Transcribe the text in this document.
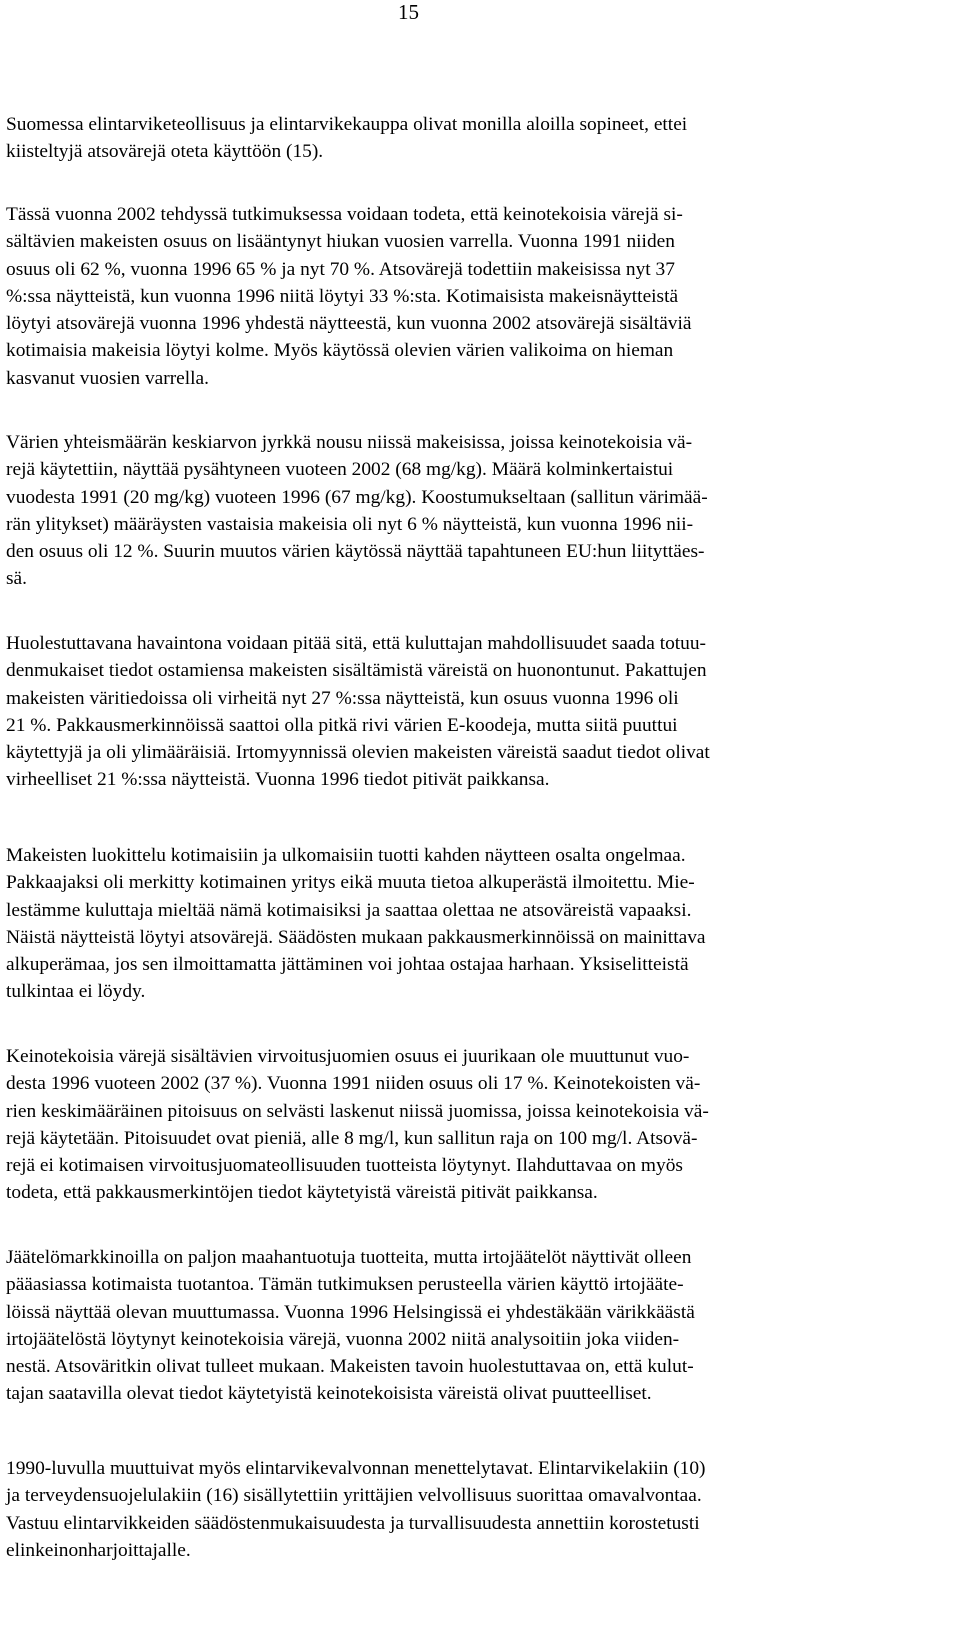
15

Suomessa elintarviketeollisuus ja elintarvikekauppa olivat monilla aloilla sopineet, ettei
kiisteltyjä atsovärejä oteta käyttöön (15).

Tässä vuonna 2002 tehdyssä tutkimuksessa voidaan todeta, että keinotekoisia värejä si-
sältävien makeisten osuus on lisääntynyt hiukan vuosien varrella. Vuonna 1991 niiden
osuus oli 62 %, vuonna 1996 65 % ja nyt 70 %. Atsovärejä todettiin makeisissa nyt 37
%:ssa näytteistä, kun vuonna 1996 niitä löytyi 33 %:sta. Kotimaisista makeisnäytteistä
löytyi atsovärejä vuonna 1996 yhdestä näytteestä, kun vuonna 2002 atsovärejä sisältäviä
kotimaisia makeisia löytyi kolme. Myös käytössä olevien värien valikoima on hieman
kasvanut vuosien varrella.

Värien yhteismäärän keskiarvon jyrkkä nousu niissä makeisissa, joissa keinotekoisia vä-
rejä käytettiin, näyttää pysähtyneen vuoteen 2002 (68 mg/kg). Määrä kolminkertaistui
vuodesta 1991 (20 mg/kg) vuoteen 1996 (67 mg/kg). Koostumukseltaan (sallitun värimää-
rän ylitykset) määräysten vastaisia makeisia oli nyt 6 % näytteistä, kun vuonna 1996 nii-
den osuus oli 12 %. Suurin muutos värien käytössä näyttää tapahtuneen EU:hun liityttäes-
sä.

Huolestuttavana havaintona voidaan pitää sitä, että kuluttajan mahdollisuudet saada totuu-
denmukaiset tiedot ostamiensa makeisten sisältämistä väreistä on huonontunut. Pakattujen
makeisten väritiedoissa oli virheitä nyt 27 %:ssa näytteistä, kun osuus vuonna 1996 oli
21 %. Pakkausmerkinnöissä saattoi olla pitkä rivi värien E-koodeja, mutta siitä puuttui
käytettyjä ja oli ylimääräisiä. Irtomyynnissä olevien makeisten väreistä saadut tiedot olivat
virheelliset 21 %:ssa näytteistä. Vuonna 1996 tiedot pitivät paikkansa.

Makeisten luokittelu kotimaisiin ja ulkomaisiin tuotti kahden näytteen osalta ongelmaa.
Pakkaajaksi oli merkitty kotimainen yritys eikä muuta tietoa alkuperästä ilmoitettu. Mie-
lestämme kuluttaja mieltää nämä kotimaisiksi ja saattaa olettaa ne atsoväreistä vapaaksi.
Näistä näytteistä löytyi atsovärejä. Säädösten mukaan pakkausmerkinnöissä on mainittava
alkuperämaa, jos sen ilmoittamatta jättäminen voi johtaa ostajaa harhaan. Yksiselitteistä
tulkintaa ei löydy.

Keinotekoisia värejä sisältävien virvoitusjuomien osuus ei juurikaan ole muuttunut vuo-
desta 1996 vuoteen 2002 (37 %). Vuonna 1991 niiden osuus oli 17 %. Keinotekoisten vä-
rien keskimääräinen pitoisuus on selvästi laskenut niissä juomissa, joissa keinotekoisia vä-
rejä käytetään. Pitoisuudet ovat pieniä, alle 8 mg/l, kun sallitun raja on 100 mg/l. Atsovä-
rejä ei kotimaisen virvoitusjuomateollisuuden tuotteista löytynyt. Ilahduttavaa on myös
todeta, että pakkausmerkintöjen tiedot käytetyistä väreistä pitivät paikkansa.

Jäätelömarkkinoilla on paljon maahantuotuja tuotteita, mutta irtojäätelöt näyttivät olleen
pääasiassa kotimaista tuotantoa. Tämän tutkimuksen perusteella värien käyttö irtojääte-
löissä näyttää olevan muuttumassa. Vuonna 1996 Helsingissä ei yhdestäkään värikkäästä
irtojäätelöstä löytynyt keinotekoisia värejä, vuonna 2002 niitä analysoitiin joka viiden-
nestä. Atsoväritkin olivat tulleet mukaan. Makeisten tavoin huolestuttavaa on, että kulut-
tajan saatavilla olevat tiedot käytetyistä keinotekoisista väreistä olivat puutteelliset.

1990-luvulla muuttuivat myös elintarvikevalvonnan menettelytavat. Elintarvikelakiin (10)
ja terveydensuojelulakiin (16) sisällytettiin yrittäjien velvollisuus suorittaa omavalvontaa.
Vastuu elintarvikkeiden säädöstenmukaisuudesta ja turvallisuudesta annettiin korostetusti
elinkeinonharjoittajalle.
